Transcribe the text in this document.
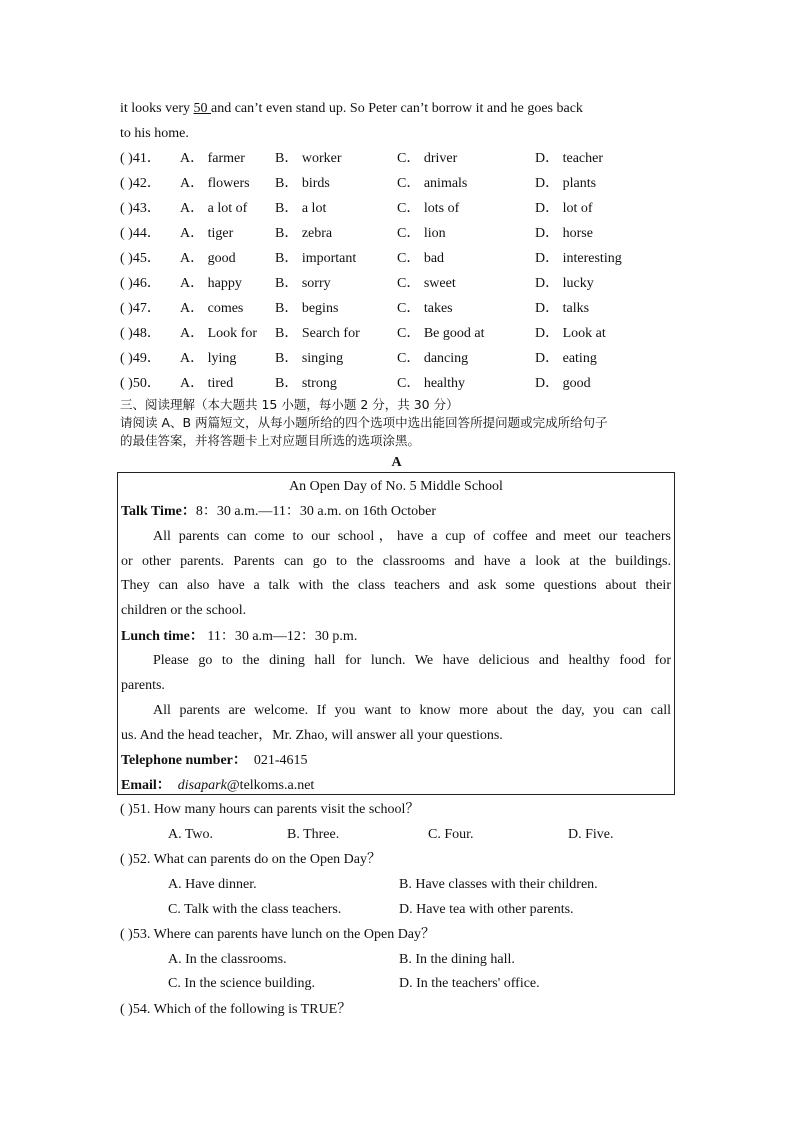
it looks very 50 and can’t even stand up. So Peter can’t borrow it and he goes back
to his home.
( )41． A． farmer B． worker	C． driver	D． teacher
( )42． A． flowers B． birds	C． animals	D． plants
( )43． A． a lot of B． a lot	C． lots of	D． lot of
( )44． A． tiger	B． zebra	C． lion	D． horse
( )45． A． good	B． important	C． bad	D． interesting
( )46． A． happy B． sorry	C． sweet	D． lucky
( )47． A． comes B． begins	C． takes	D． talks
( )48． A． Look for B． Search for	C． Be good at	D． Look at
( )49． A． lying	B． singing	C． dancing	D． eating
( )50． A． tired	B． strong	C． healthy	D． good
三、阅读理解（本大题共 15 小题，每小题 2 分，共 30 分）
请阅读 A、B 两篇短文，从每小题所给的四个选项中选出能回答所提问题或完成所给句子
的最佳答案，并将答题卡上对应题目所选的选项涂黑。
A
An Open Day of No. 5 Middle School
Talk Time：8：30 a.m.—11：30 a.m. on 16th October
All parents can come to our school，have a cup of coffee and meet our teachers
or other parents. Parents can go to the classrooms and have a look at the buildings.
They can also have a talk with the class teachers and ask some questions about their
children or the school.
Lunch time： 11：30 a.m—12：30 p.m.
Please go to the dining hall for lunch. We have delicious and healthy food for
parents.
All parents are welcome. If you want to know more about the day, you can call
us. And the head teacher，Mr. Zhao, will answer all your questions.
Telephone number： 021-4615
Email： disapark@telkoms.a.net
( )51. How many hours can parents visit the school？
A. Two.	B. Three.	C. Four.	D. Five.
( )52. What can parents do on the Open Day？
A. Have dinner.	B. Have classes with their children.
C. Talk with the class teachers.	D. Have tea with other parents.
( )53. Where can parents have lunch on the Open Day？
A. In the classrooms.	B. In the dining hall.
C. In the science building.	D. In the teachers' office.
( )54. Which of the following is TRUE？
